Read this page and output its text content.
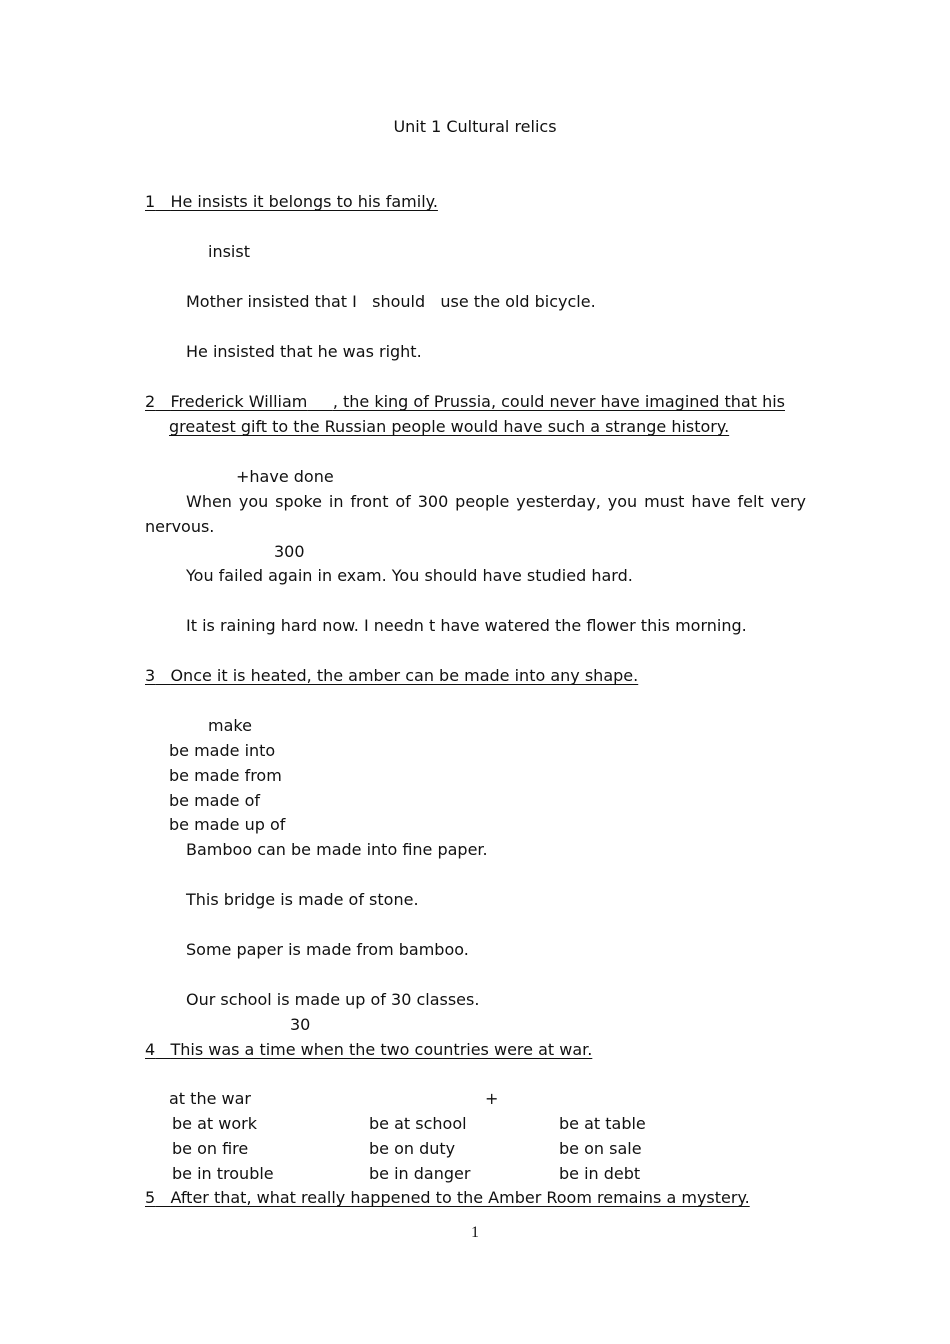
Unit 1 Cultural relics
1 He insists it belongs to his family.
insist
Mother insisted that I   should   use the old bicycle.
He insisted that he was right.
2 Frederick William , the king of Prussia, could never have imagined that his
greatest gift to the Russian people would have such a strange history.
+have done
When you spoke in front of 300 people yesterday, you must have felt very
nervous.
300
You failed again in exam. You should have studied hard.
It is raining hard now. I needn t have watered the flower this morning.
3 Once it is heated, the amber can be made into any shape.
make
be made into
be made from
be made of
be made up of
Bamboo can be made into fine paper.
This bridge is made of stone.
Some paper is made from bamboo.
Our school is made up of 30 classes.
30
4 This was a time when the two countries were at war.
at the war	+
be at work	be at school	be at table
be on fire	be on duty	be on sale
be in trouble	be in danger	be in debt
5 After that, what really happened to the Amber Room remains a mystery.
1
